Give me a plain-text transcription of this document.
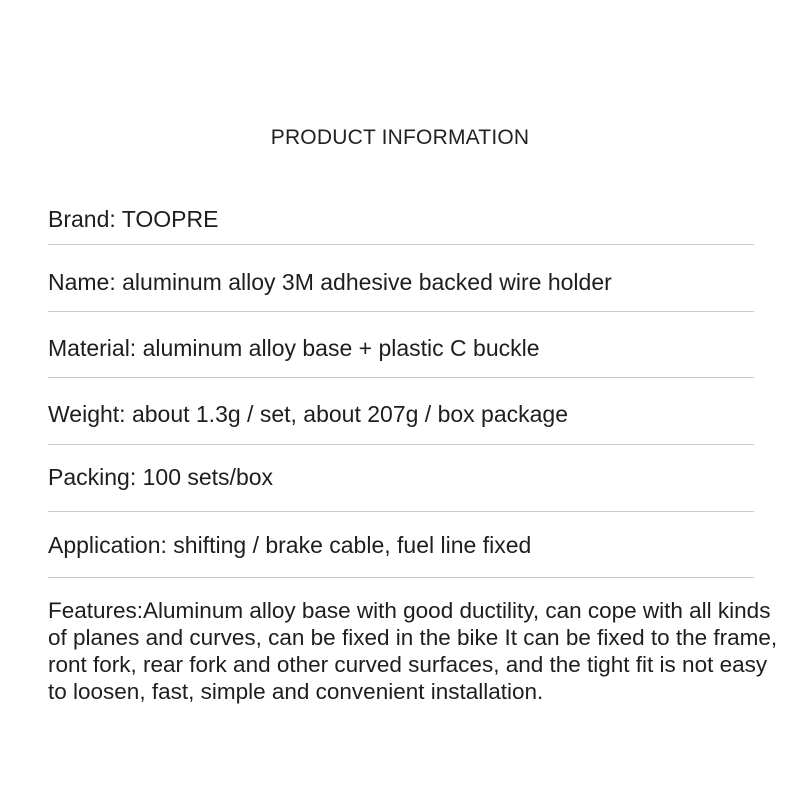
PRODUCT INFORMATION
Brand: TOOPRE
Name: aluminum alloy 3M adhesive backed wire holder
Material: aluminum alloy base + plastic C buckle
Weight: about 1.3g / set, about 207g / box package
Packing: 100 sets/box
Application: shifting / brake cable, fuel line fixed
Features:Aluminum alloy base with good ductility, can cope with all kinds
of planes and curves, can be fixed in the bike It can be fixed to the frame,
ront fork, rear fork and other curved surfaces, and the tight fit is not easy
to loosen, fast, simple and convenient installation.
